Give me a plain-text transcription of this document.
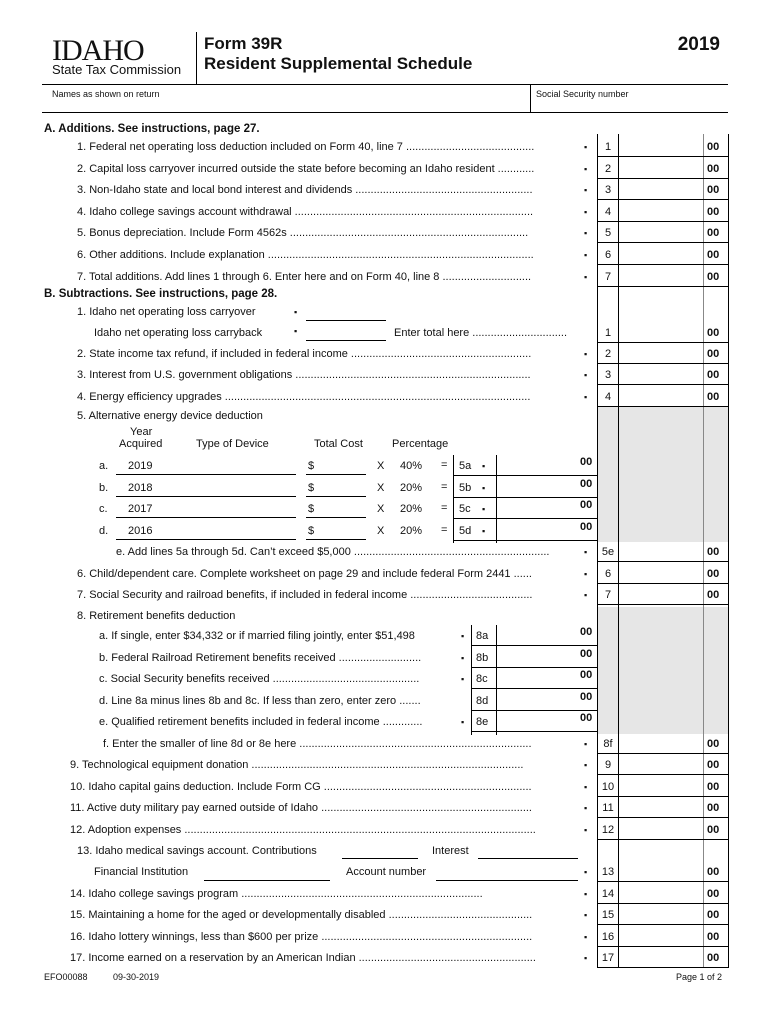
IDAHO
State Tax Commission
Form 39R
Resident Supplemental Schedule
2019
Names as shown on return	Social Security number
A. Additions. See instructions, page 27.
1. Federal net operating loss deduction included on Form 40, line 7 ..........................................	▪	1	00
2. Capital loss carryover incurred outside the state before becoming an Idaho resident ............	▪	2	00
3. Non-Idaho state and local bond interest and dividends ..........................................................	▪	3	00
4. Idaho college savings account withdrawal ..............................................................................	▪	4	00
5. Bonus depreciation. Include Form 4562s ..............................................................................	▪	5	00
6. Other additions. Include explanation .......................................................................................	▪	6	00
7. Total additions. Add lines 1 through 6. Enter here and on Form 40, line 8 .............................	▪	7	00
B. Subtractions. See instructions, page 28.
1. Idaho net operating loss carryover	▪
Idaho net operating loss carryback	▪	Enter total here ...............................	1	00
2. State income tax refund, if included in federal income ...........................................................	▪	2	00
3. Interest from U.S. government obligations .............................................................................	▪	3	00
4. Energy efficiency upgrades ....................................................................................................	▪	4	00
5. Alternative energy device deduction
Year
Acquired	Type of Device	Total Cost	Percentage
a. 2019	$	X 40% = 5a ▪	00
b. 2018	$	X 20% = 5b ▪	00
c. 2017	$	X 20% = 5c ▪	00
d. 2016	$	X 20% = 5d ▪	00
e. Add lines 5a through 5d. Can’t exceed $5,000 ................................................................	▪	5e	00
6. Child/dependent care. Complete worksheet on page 29 and include federal Form 2441 ......	▪	6	00
7. Social Security and railroad benefits, if included in federal income ........................................	▪	7	00
8. Retirement benefits deduction
a. If single, enter $34,332 or if married filing jointly, enter $51,498	▪ 8a	00
b. Federal Railroad Retirement benefits received ...........................	▪ 8b	00
c. Social Security benefits received ................................................	▪ 8c	00
d. Line 8a minus lines 8b and 8c. If less than zero, enter zero .......	8d	00
e. Qualified retirement benefits included in federal income .............	▪ 8e	00
f. Enter the smaller of line 8d or 8e here ............................................................................	▪	8f	00
9. Technological equipment donation .........................................................................................	▪	9	00
10. Idaho capital gains deduction. Include Form CG ....................................................................	▪	10	00
11. Active duty military pay earned outside of Idaho .....................................................................	▪	11	00
12. Adoption expenses ...................................................................................................................	▪	12	00
13. Idaho medical savings account. Contributions	Interest
Financial Institution	Account number	▪	13	00
14. Idaho college savings program ...............................................................................	▪	14	00
15. Maintaining a home for the aged or developmentally disabled ...............................................	▪	15	00
16. Idaho lottery winnings, less than $600 per prize .....................................................................	▪	16	00
17. Income earned on a reservation by an American Indian ..........................................................	▪	17	00
EFO00088	09-30-2019	Page 1 of 2
